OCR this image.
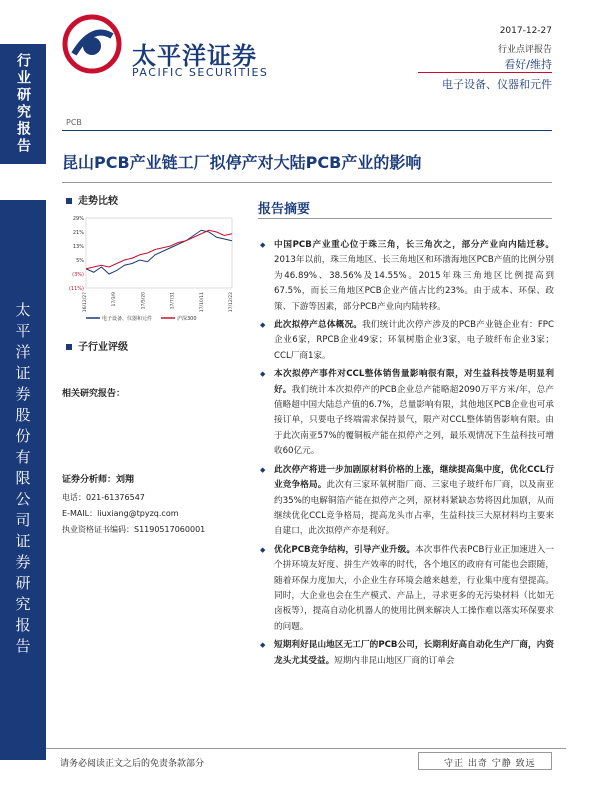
行业研究报告
太平洋证券股份有限公司证券研究报告
太平洋证券
PACIFIC SECURITIES
2017-12-27
行业点评报告
看好/维持
电子设备、仪器和元件
PCB
昆山PCB产业链工厂拟停产对大陆PCB产业的影响
走势比较
29%
21%
13%
5%
(3%)
(11%)
16/12/27	17/3/9	17/5/20	17/7/31	17/10/11	17/12/22
电子设备、仪器和元件	沪深300
子行业评级
相关研究报告：
证券分析师：刘翔
电话：021-61376547
E-MAIL：liuxiang@tpyzq.com
执业资格证书编码：S1190517060001
报告摘要
◆ 中国PCB产业重心位于珠三角，长三角次之，部分产业向内陆迁移。2013年以前，珠三角地区、长三角地区和环渤海地区PCB产值的比例分别为46.89%、38.56%及14.55%。2015年珠三角地区比例提高到67.5%，而长三角地区PCB企业产值占比约23%。由于成本、环保、政策、下游等因素，部分PCB产业向内陆转移。
◆ 此次拟停产总体概况。我们统计此次停产涉及的PCB产业链企业有：FPC企业6家，RPCB企业49家；环氧树脂企业3家，电子玻纤布企业3家；CCL厂商1家。
◆ 本次拟停产事件对CCL整体销售量影响很有限，对生益科技等是明显利好。我们统计本次拟停产的PCB企业总产能略超2090万平方米/年，总产值略超中国大陆总产值的6.7%，总量影响有限，其他地区PCB企业也可承接订单，只要电子终端需求保持景气，限产对CCL整体销售影响有限。由于此次南亚57%的覆铜板产能在拟停产之列，最乐观情况下生益科技可增收60亿元。
◆ 此次停产将进一步加剧原材料价格的上涨，继续提高集中度，优化CCL行业竞争格局。此次有三家环氧树脂厂商、三家电子玻纤布厂商，以及南亚约35%的电解铜箔产能在拟停产之列，原材料紧缺态势将因此加剧，从而继续优化CCL竞争格局，提高龙头市占率，生益科技三大原材料均主要来自建口，此次拟停产亦是利好。
◆ 优化PCB竞争结构，引导产业升级。本次事件代表PCB行业正加速进入一个拼环境友好度、拼生产效率的时代，各个地区的政府有可能也会跟随，随着环保力度加大，小企业生存环境会越来越差，行业集中度有望提高。同时，大企业也会在生产模式、产品上，寻求更多的无污染材料（比如无卤板等），提高自动化机器人的使用比例来解决人工操作难以落实环保要求的问题。
◆ 短期利好昆山地区无工厂的PCB公司，长期利好高自动化生产厂商，内资龙头尤其受益。短期内非昆山地区厂商的订单会
请务必阅读正文之后的免责条款部分	守正 出奇 宁静 致远
